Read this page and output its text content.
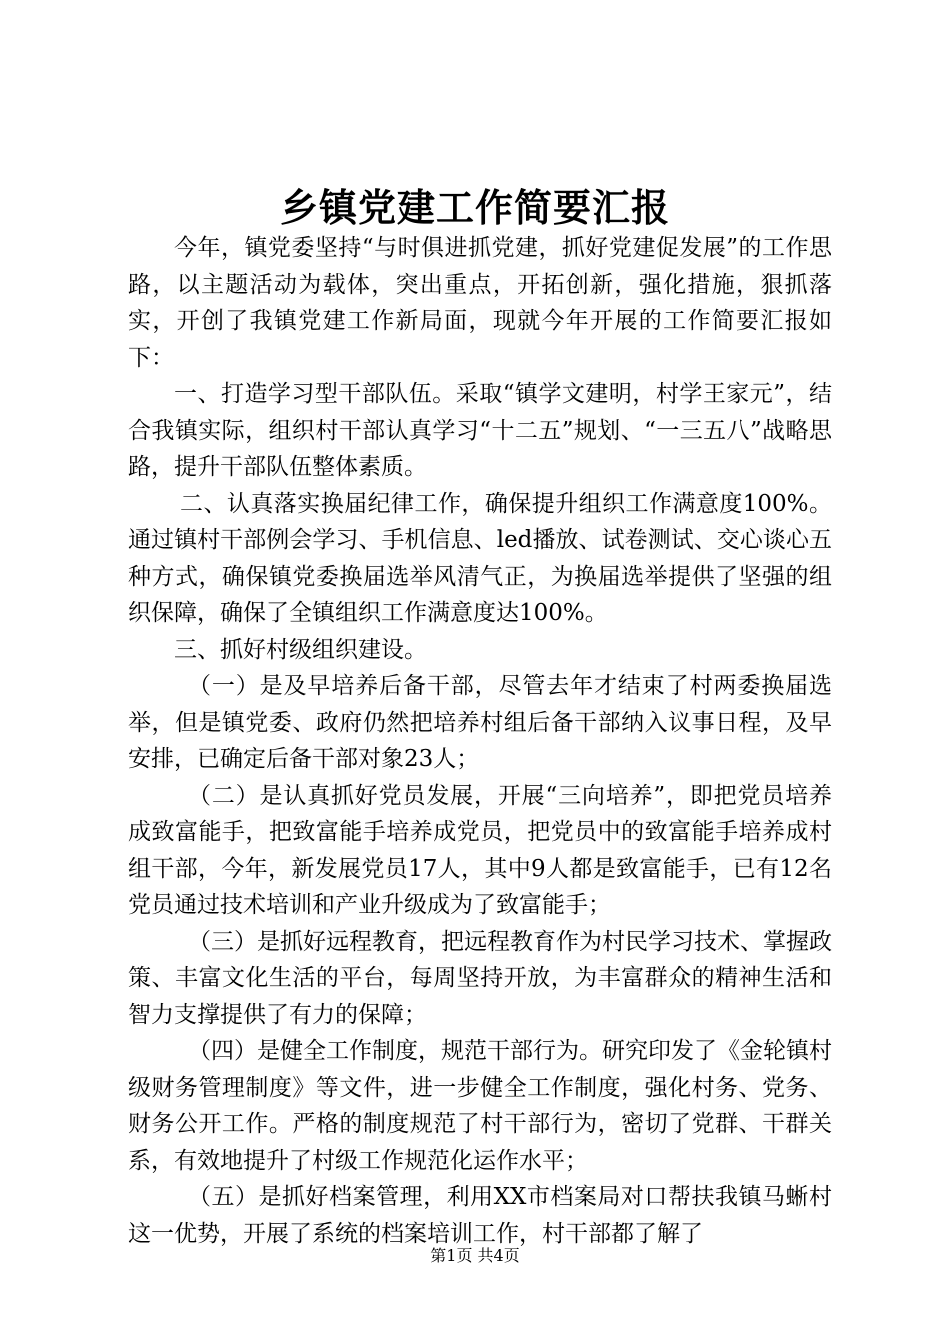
乡镇党建工作简要汇报

今年，镇党委坚持“与时俱进抓党建，抓好党建促发展”的工作思路，以主题活动为载体，突出重点，开拓创新，强化措施，狠抓落实，开创了我镇党建工作新局面，现就今年开展的工作简要汇报如下：

一、打造学习型干部队伍。采取“镇学文建明，村学王家元”，结合我镇实际，组织村干部认真学习“十二五”规划、“一三五八”战略思路，提升干部队伍整体素质。

二、认真落实换届纪律工作，确保提升组织工作满意度100%。通过镇村干部例会学习、手机信息、led播放、试卷测试、交心谈心五种方式，确保镇党委换届选举风清气正，为换届选举提供了坚强的组织保障，确保了全镇组织工作满意度达100%。

三、抓好村级组织建设。

（一）是及早培养后备干部，尽管去年才结束了村两委换届选举，但是镇党委、政府仍然把培养村组后备干部纳入议事日程，及早安排，已确定后备干部对象23人；

（二）是认真抓好党员发展，开展“三向培养”，即把党员培养成致富能手，把致富能手培养成党员，把党员中的致富能手培养成村组干部，今年，新发展党员17人，其中9人都是致富能手，已有12名党员通过技术培训和产业升级成为了致富能手；

（三）是抓好远程教育，把远程教育作为村民学习技术、掌握政策、丰富文化生活的平台，每周坚持开放，为丰富群众的精神生活和智力支撑提供了有力的保障；

（四）是健全工作制度，规范干部行为。研究印发了《金轮镇村级财务管理制度》等文件，进一步健全工作制度，强化村务、党务、财务公开工作。严格的制度规范了村干部行为，密切了党群、干群关系，有效地提升了村级工作规范化运作水平；

（五）是抓好档案管理，利用XX市档案局对口帮扶我镇马蜥村这一优势，开展了系统的档案培训工作，村干部都了解了

第1页 共4页
